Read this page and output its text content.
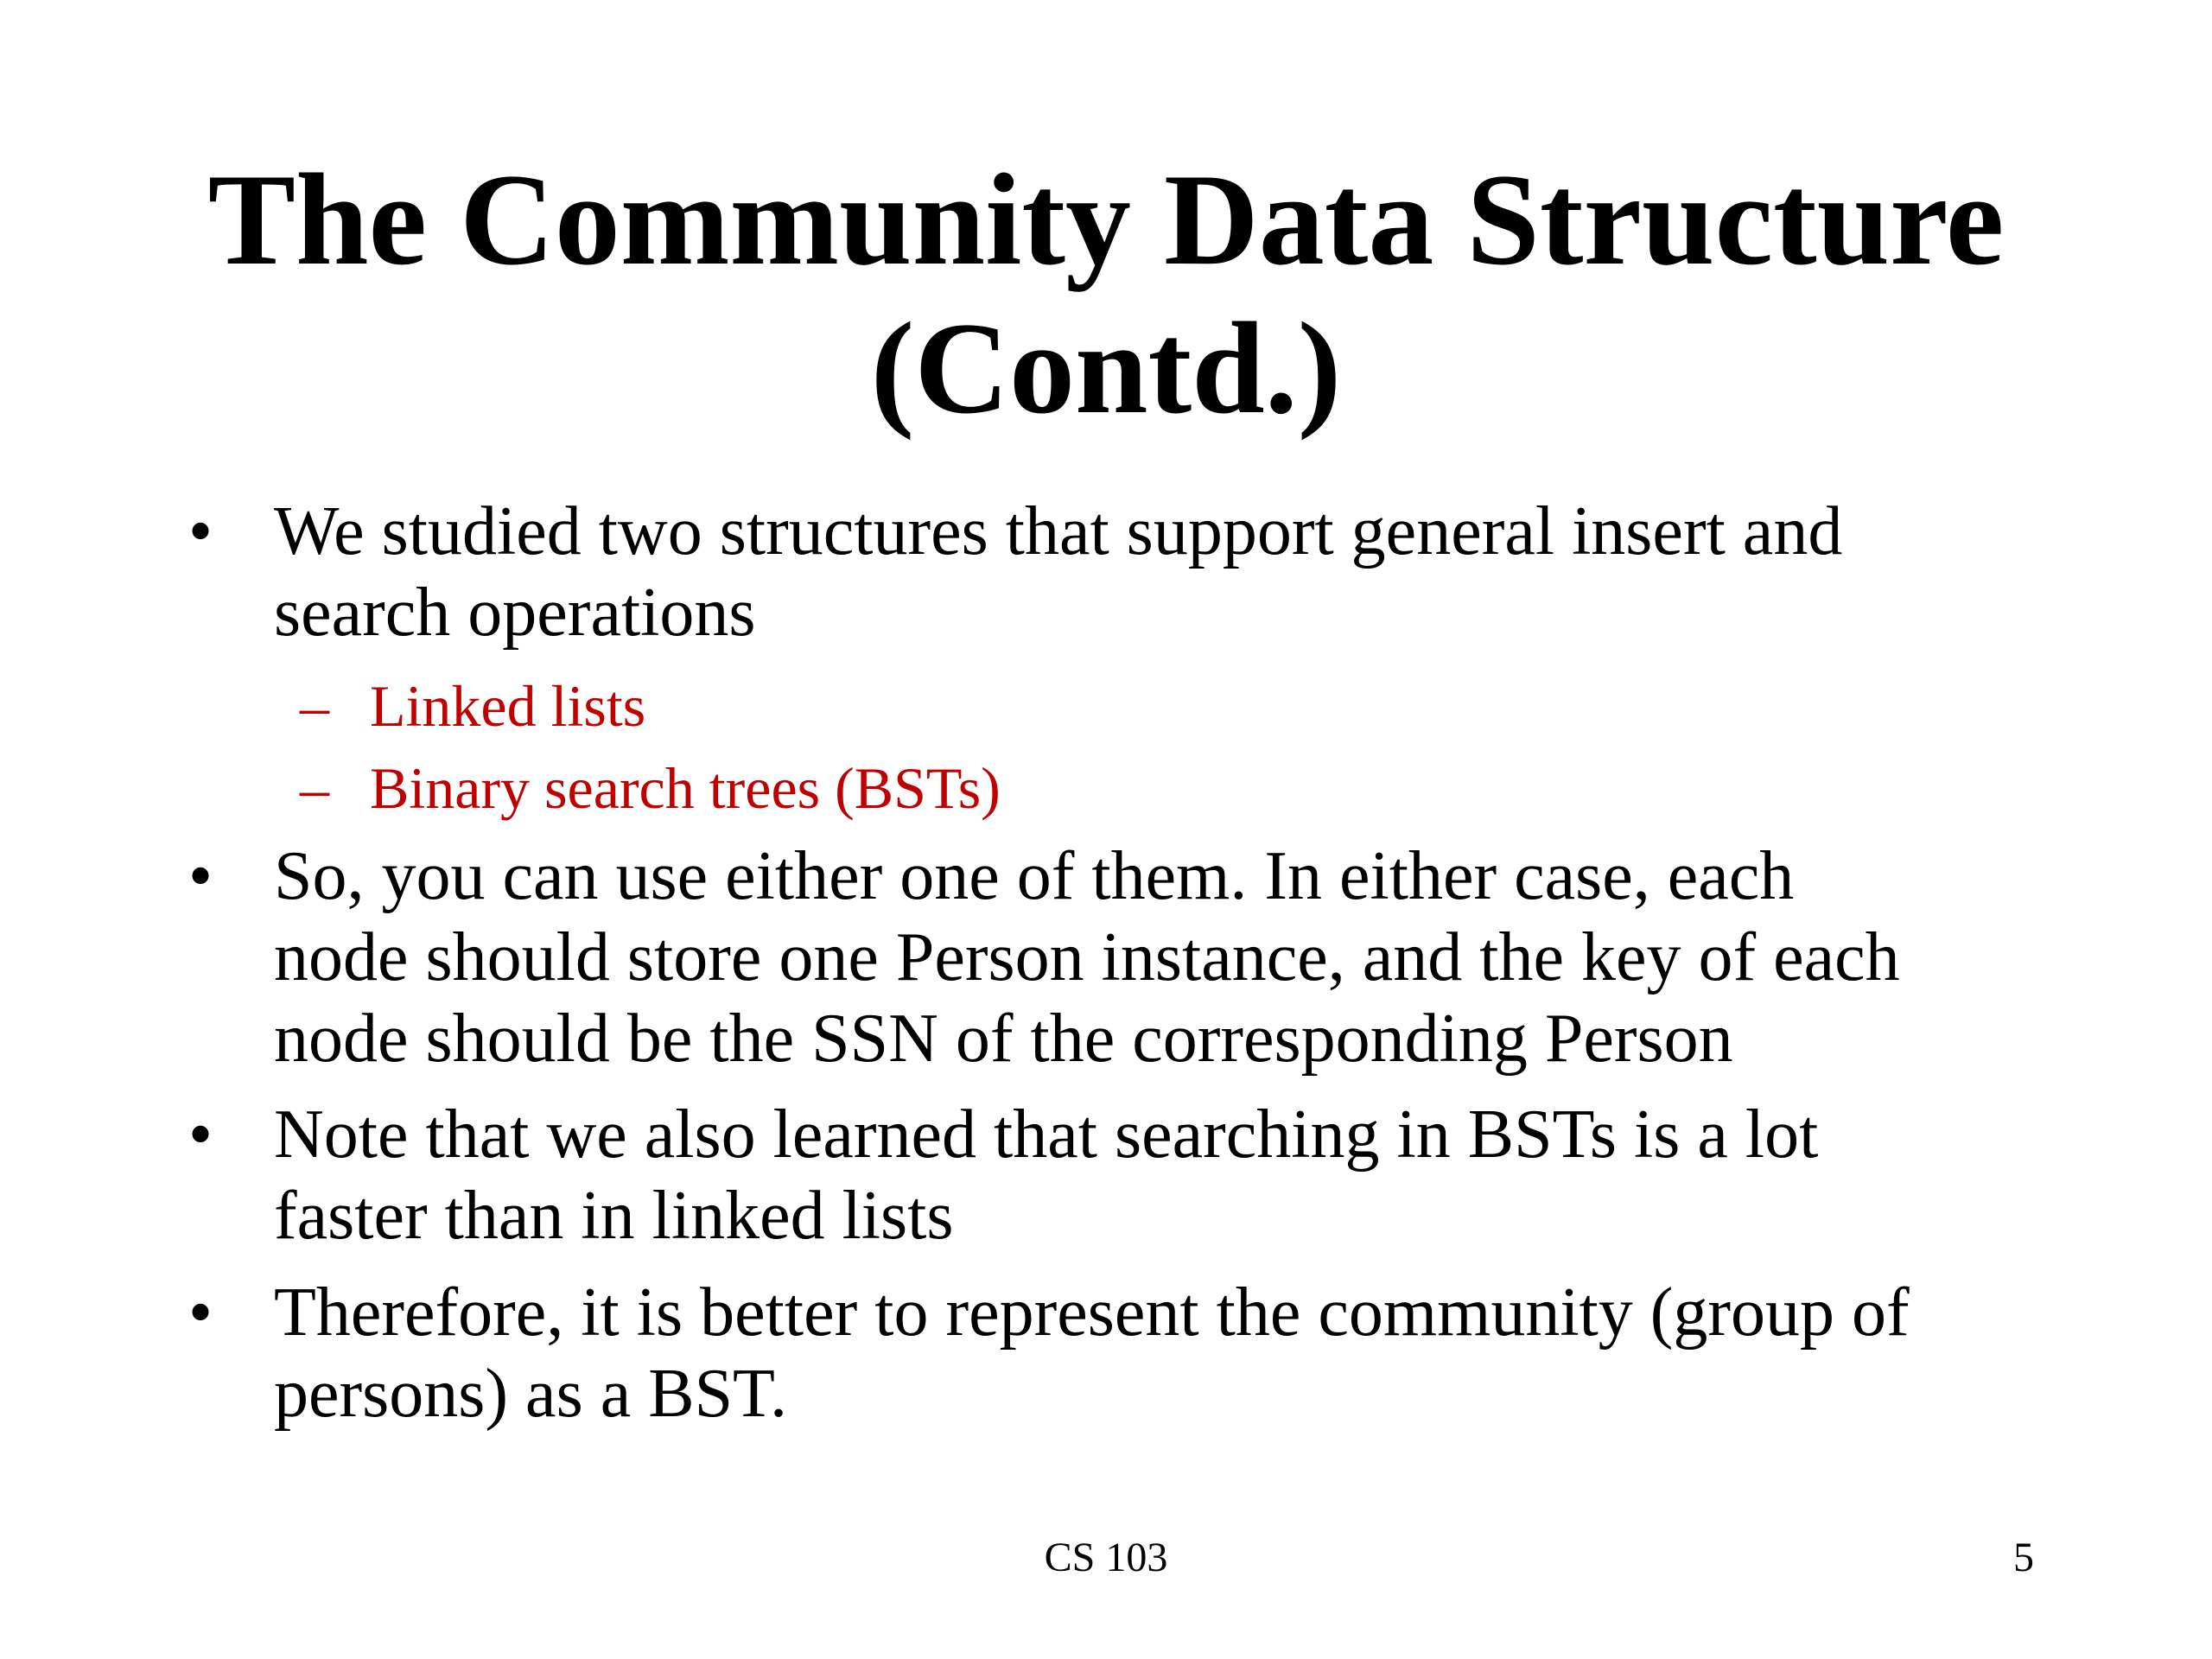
The Community Data Structure
(Contd.)
• We studied two structures that support general insert and
search operations
– Linked lists
– Binary search trees (BSTs)
• So, you can use either one of them. In either case, each
node should store one Person instance, and the key of each
node should be the SSN of the corresponding Person
• Note that we also learned that searching in BSTs is a lot
faster than in linked lists
• Therefore, it is better to represent the community (group of
persons) as a BST.
CS 103	5
